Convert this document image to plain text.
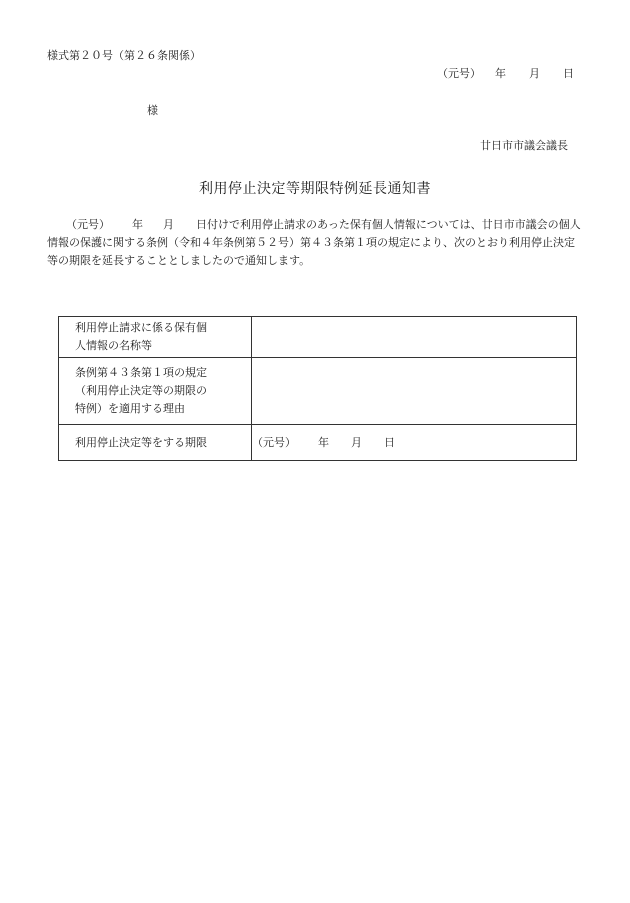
様式第２０号（第２６条関係）
（元号） 年 月 日
様
廿日市市議会議長
利用停止決定等期限特例延長通知書
（元号） 年 月 日付けで利用停止請求のあった保有個人情報については、廿日市市議会の個人
情報の保護に関する条例（令和４年条例第５２号）第４３条第１項の規定により、次のとおり利用停止決定
等の期限を延長することとしましたので通知します。
利用停止請求に係る保有個
人情報の名称等	

条例第４３条第１項の規定
（利用停止決定等の期限の
特例）を適用する理由	

利用停止決定等をする期限	（元号） 年 月 日
